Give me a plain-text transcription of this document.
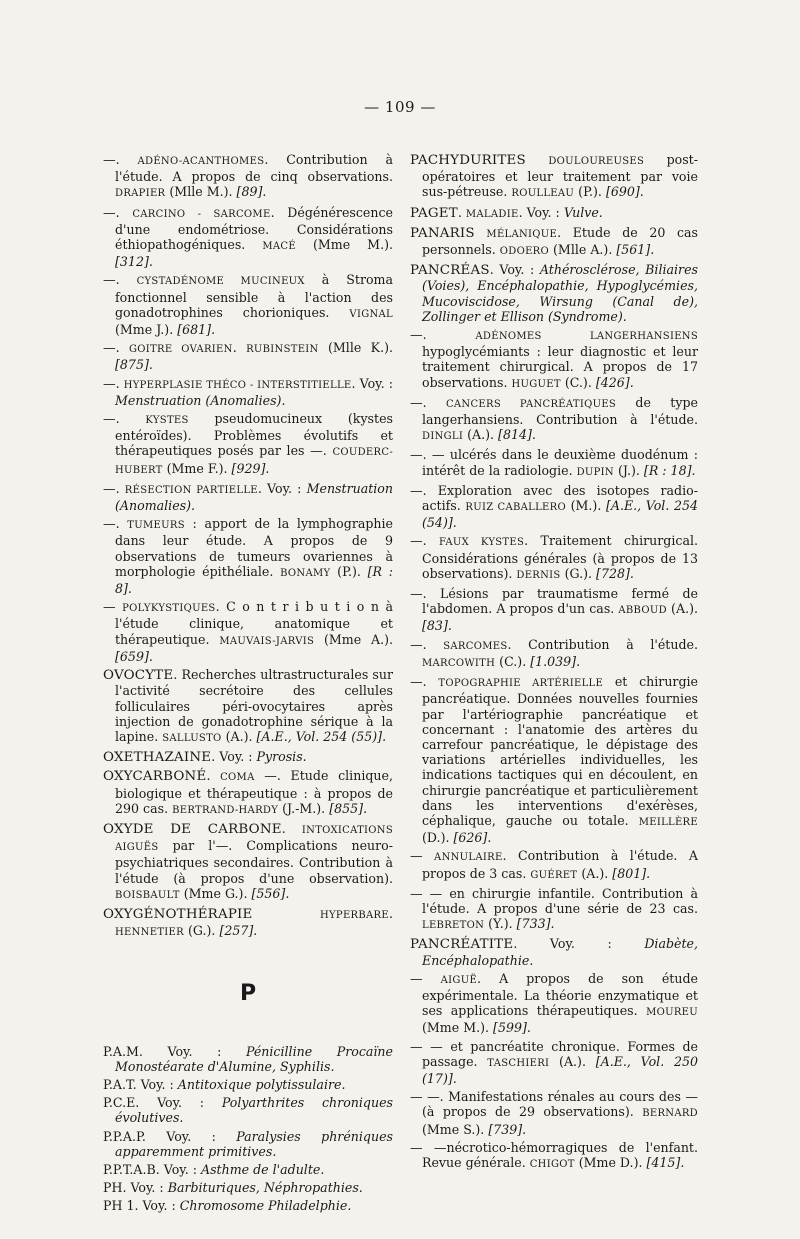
— 109 —

—. ADÉNO-ACANTHOMES. Contribution à l'étude. A propos de cinq observations. DRAPIER (Mlle M.). [89].

—. CARCINO - SARCOME. Dégénérescence d'une endométriose. Considérations éthiopathogéniques. MACÉ (Mme M.). [312].

—. CYSTADÉNOME MUCINEUX à Stroma fonctionnel sensible à l'action des gonadotrophines chorioniques. VIGNAL (Mme J.). [681].

—. GOITRE OVARIEN. RUBINSTEIN (Mlle K.). [875].

—. HYPERPLASIE THÉCO - INTERSTITIELLE. Voy. : Menstruation (Anomalies).

—. KYSTES pseudomucineux (kystes entéroïdes). Problèmes évolutifs et thérapeutiques posés par les —. COUDERC-HUBERT (Mme F.). [929].

—. RÉSECTION PARTIELLE. Voy. : Menstruation (Anomalies).

—. TUMEURS : apport de la lymphographie dans leur étude. A propos de 9 observations de tumeurs ovariennes à morphologie épithéliale. BONAMY (P.). [R : 8].

— POLYKYSTIQUES. C o n t r i b u t i o n à l'étude clinique, anatomique et thérapeutique. MAUVAIS-JARVIS (Mme A.). [659].

OVOCYTE. Recherches ultrastructurales sur l'activité secrétoire des cellules folliculaires péri-ovocytaires après injection de gonadotrophine sérique à la lapine. SALLUSTO (A.). [A.E., Vol. 254 (55)].

OXETHAZAINE. Voy. : Pyrosis.

OXYCARBONÉ. COMA —. Etude clinique, biologique et thérapeutique : à propos de 290 cas. BERTRAND-HARDY (J.-M.). [855].

OXYDE DE CARBONE. INTOXICATIONS AIGUËS par l'—. Complications neuro-psychiatriques secondaires. Contribution à l'étude (à propos d'une observation). BOISBAULT (Mme G.). [556].

OXYGÉNOTHÉRAPIE	HYPERBARE. HENNETIER (G.). [257].

P

P.A.M. Voy. : Pénicilline Procaïne Monostéarate d'Alumine, Syphilis.

P.A.T. Voy. : Antitoxique polytissulaire.

P.C.E. Voy. : Polyarthrites chroniques évolutives.

P.P.A.P. Voy. : Paralysies phréniques apparemment primitives.

P.P.T.A.B. Voy. : Asthme de l'adulte.

PH. Voy. : Barbituriques, Néphropathies.

PH 1. Voy. : Chromosome Philadelphie.

PACHYDURITES DOULOUREUSES post-opératoires et leur traitement par voie sus-pétreuse. ROULLEAU (P.). [690].

PAGET. MALADIE. Voy. : Vulve.

PANARIS MÉLANIQUE. Etude de 20 cas personnels. ODOERO (Mlle A.). [561].

PANCRÉAS. Voy. : Athérosclérose, Biliaires (Voies), Encéphalopathie, Hypoglycémies, Mucoviscidose, Wirsung (Canal de), Zollinger et Ellison (Syndrome).

—. ADÉNOMES LANGERHANSIENS hypoglycémiants : leur diagnostic et leur traitement chirurgical. A propos de 17 observations. HUGUET (C.). [426].

—. CANCERS PANCRÉATIQUES de type langerhansiens. Contribution à l'étude. DINGLI (A.). [814].

—. — ulcérés dans le deuxième duodénum : intérêt de la radiologie. DUPIN (J.). [R : 18].

—. Exploration avec des isotopes radio-actifs. RUIZ CABALLERO (M.). [A.E., Vol. 254 (54)].

—. FAUX KYSTES. Traitement chirurgical. Considérations générales (à propos de 13 observations). DERNIS (G.). [728].

—. Lésions par traumatisme fermé de l'abdomen. A propos d'un cas. ABBOUD (A.). [83].

—. SARCOMES. Contribution à l'étude. MARCOWITH (C.). [1.039].

—. TOPOGRAPHIE ARTÉRIELLE et chirurgie pancréatique. Données nouvelles fournies par l'artériographie pancréatique et concernant : l'anatomie des artères du carrefour pancréatique, le dépistage des variations artérielles individuelles, les indications tactiques qui en découlent, en chirurgie pancréatique et particulièrement dans les interventions d'exérèses, céphalique, gauche ou totale. MEILLÈRE (D.). [626].

— ANNULAIRE. Contribution à l'étude. A propos de 3 cas. GUÉRET (A.). [801].

— — en chirurgie infantile. Contribution à l'étude. A propos d'une série de 23 cas. LEBRETON (Y.). [733].

PANCRÉATITE. Voy. : Diabète, Encéphalopathie.

— AIGUË. A propos de son étude expérimentale. La théorie enzymatique et ses applications thérapeutiques. MOUREU (Mme M.). [599].

— — et pancréatite chronique. Formes de passage. TASCHIERI (A.). [A.E., Vol. 250 (17)].

— —. Manifestations rénales au cours des — (à propos de 29 observations). BERNARD (Mme S.). [739].

— —nécrotico-hémorragiques de l'enfant. Revue générale. CHIGOT (Mme D.). [415].
